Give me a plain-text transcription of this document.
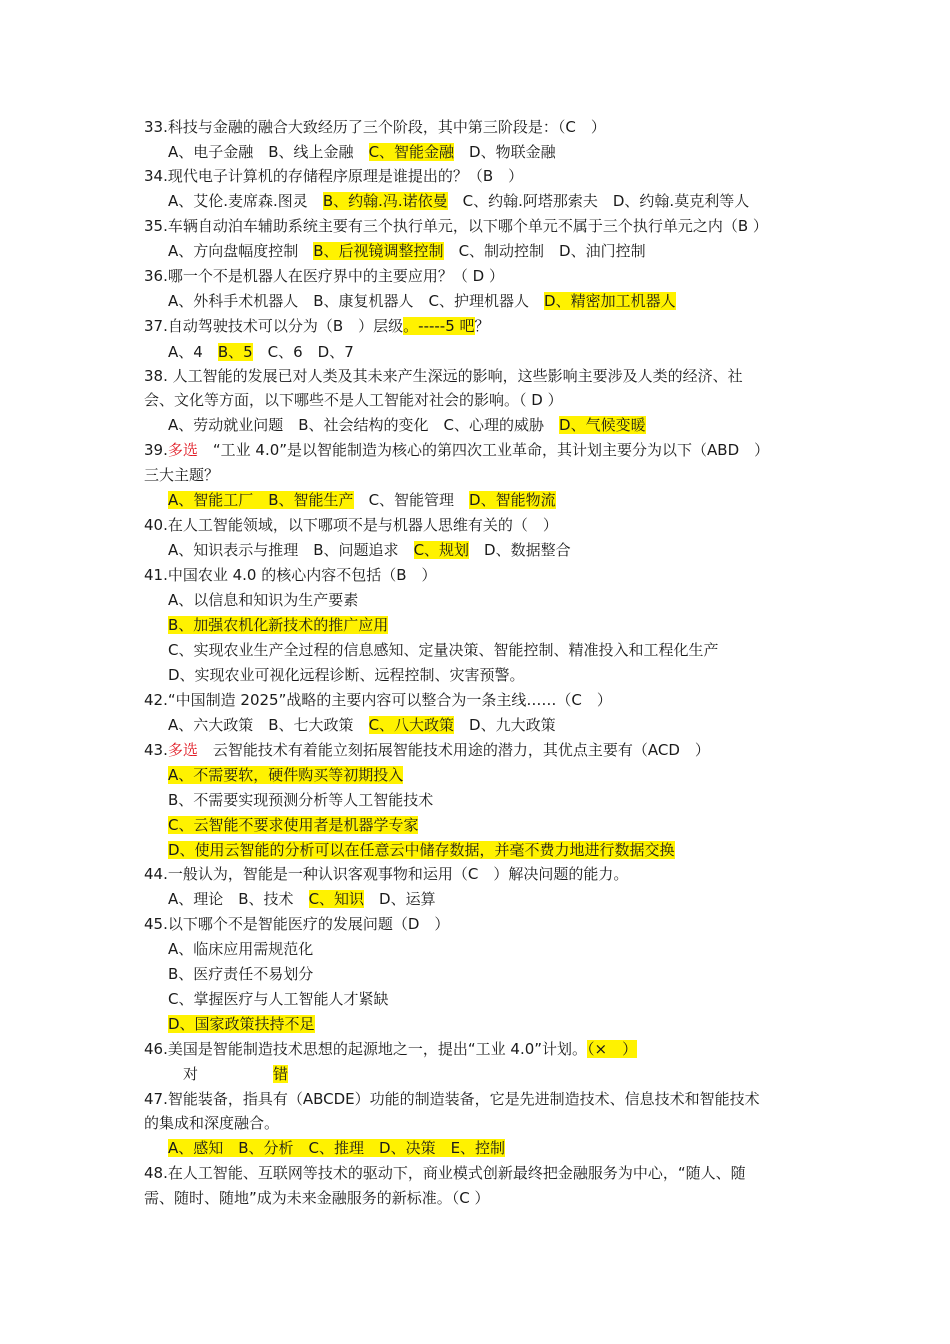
33.科技与金融的融合大致经历了三个阶段，其中第三阶段是：（C　）
A、电子金融　B、线上金融　C、智能金融　D、物联金融
34.现代电子计算机的存储程序原理是谁提出的？（B　）
A、艾伦.麦席森.图灵　B、约翰.冯.诺依曼　C、约翰.阿塔那索夫　D、约翰.莫克利等人
35.车辆自动泊车辅助系统主要有三个执行单元，以下哪个单元不属于三个执行单元之内（B ）
A、方向盘幅度控制　B、后视镜调整控制　C、制动控制　D、油门控制
36.哪一个不是机器人在医疗界中的主要应用？（ D ）
A、外科手术机器人　B、康复机器人　C、护理机器人　D、精密加工机器人
37.自动驾驶技术可以分为（B　）层级。-----5 吧？
A、4　B、5　C、6　D、7
38. 人工智能的发展已对人类及其未来产生深远的影响，这些影响主要涉及人类的经济、社
会、文化等方面，以下哪些不是人工智能对社会的影响。（ D ）
A、劳动就业问题　B、社会结构的变化　C、心理的威胁　D、气候变暖
39.多选　“工业 4.0”是以智能制造为核心的第四次工业革命，其计划主要分为以下（ABD　）
三大主题？
A、智能工厂　B、智能生产　C、智能管理　D、智能物流
40.在人工智能领域，以下哪项不是与机器人思维有关的（　）
A、知识表示与推理　B、问题追求　C、规划　D、数据整合
41.中国农业 4.0 的核心内容不包括（B　）
A、以信息和知识为生产要素
B、加强农机化新技术的推广应用
C、实现农业生产全过程的信息感知、定量决策、智能控制、精准投入和工程化生产
D、实现农业可视化远程诊断、远程控制、灾害预警。
42.“中国制造 2025”战略的主要内容可以整合为一条主线……（C　）
A、六大政策　B、七大政策　C、八大政策　D、九大政策
43.多选　云智能技术有着能立刻拓展智能技术用途的潜力，其优点主要有（ACD　）
A、不需要软，硬件购买等初期投入
B、不需要实现预测分析等人工智能技术
C、云智能不要求使用者是机器学专家
D、使用云智能的分析可以在任意云中储存数据，并毫不费力地进行数据交换
44.一般认为，智能是一种认识客观事物和运用（C　）解决问题的能力。
A、理论　B、技术　C、知识　D、运算
45.以下哪个不是智能医疗的发展问题（D　）
A、临床应用需规范化
B、医疗责任不易划分
C、掌握医疗与人工智能人才紧缺
D、国家政策扶持不足
46.美国是智能制造技术思想的起源地之一，提出“工业 4.0”计划。（×　）
　对　　　　　错
47.智能装备，指具有（ABCDE）功能的制造装备，它是先进制造技术、信息技术和智能技术
的集成和深度融合。
A、感知　B、分析　C、推理　D、决策　E、控制
48.在人工智能、互联网等技术的驱动下，商业模式创新最终把金融服务为中心，“随人、随
需、随时、随地”成为未来金融服务的新标准。（C ）
